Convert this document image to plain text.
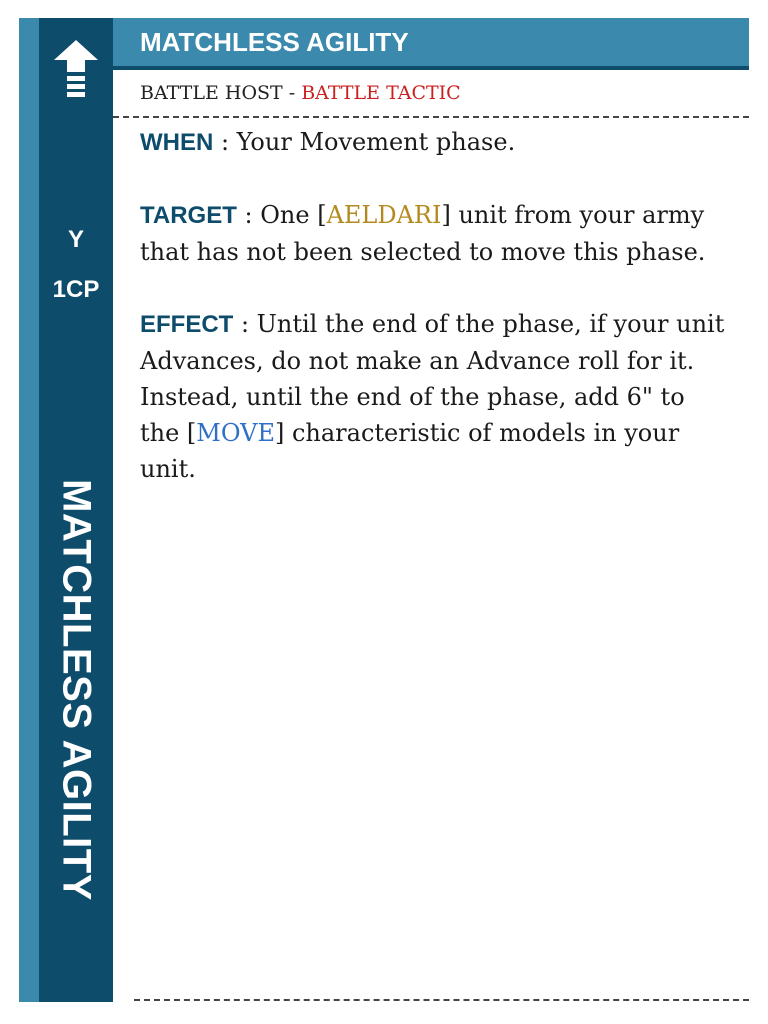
Y
1CP
MATCHLESS AGILITY
MATCHLESS AGILITY
BATTLE HOST - BATTLE TACTIC

WHEN : Your Movement phase.

TARGET : One [AELDARI] unit from your army that has not been selected to move this phase.

EFFECT : Until the end of the phase, if your unit Advances, do not make an Advance roll for it. Instead, until the end of the phase, add 6" to the [MOVE] characteristic of models in your unit.
